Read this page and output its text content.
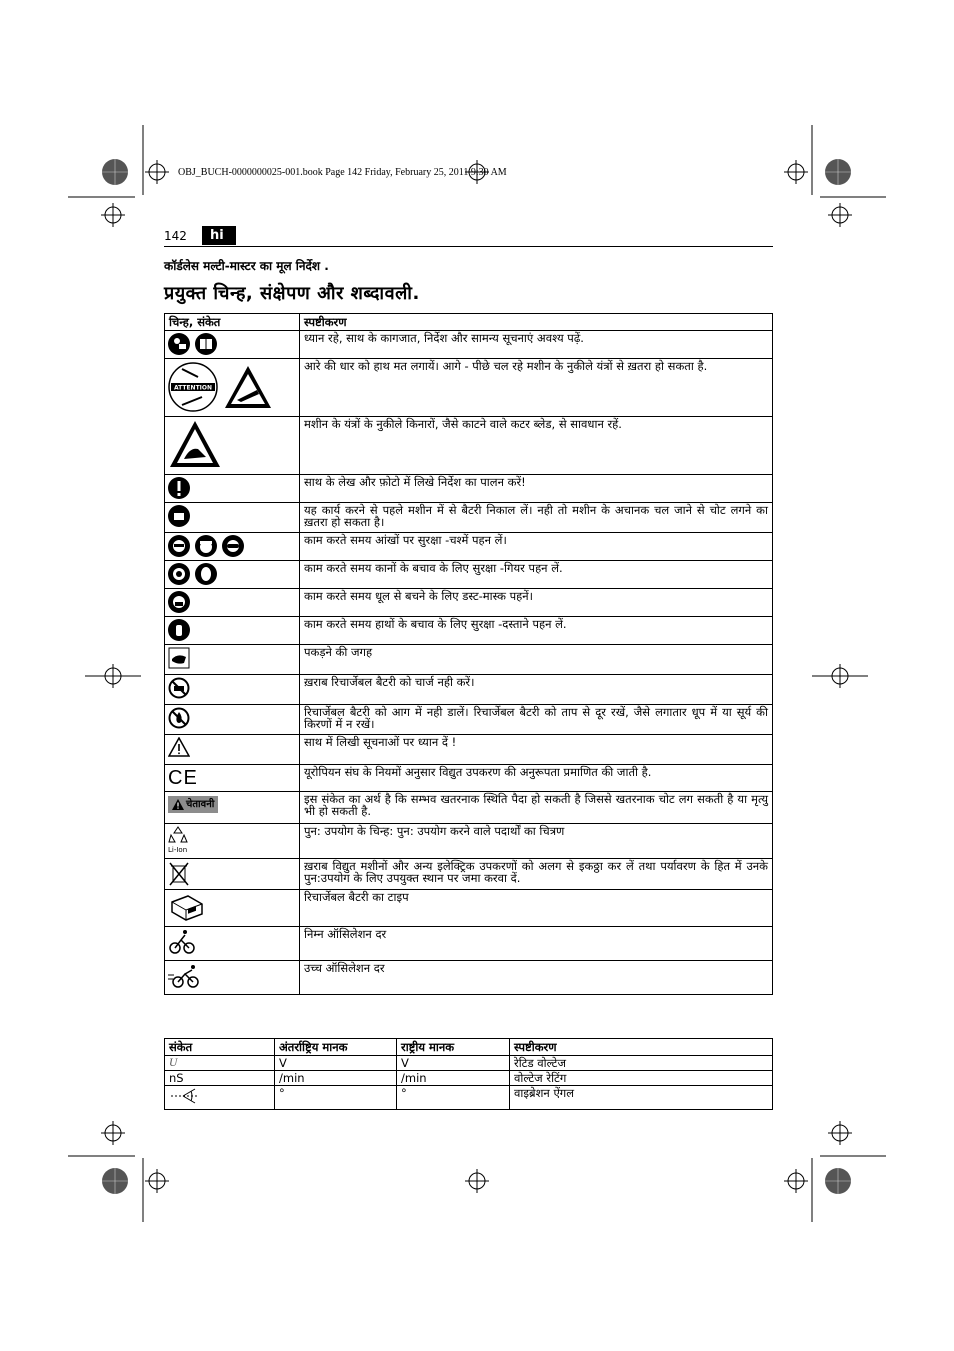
OBJ_BUCH-0000000025-001.book Page 142 Friday, February 25, 2011 9:30 AM
142	hi
कॉर्डलेस मल्टी-मास्टर का मूल निर्देश .
प्रयुक्त चिन्ह, संक्षेपण और शब्दावली.
चिन्ह, संकेत	स्पष्टीकरण

	ध्यान रहे, साथ के कागजात, निर्देश और सामन्य सूचनाएं अवश्य पढ़ें.

ATTENTION	आरे की धार को हाथ मत लगायें। आगे - पीछे चल रहे मशीन के नुकीले यंत्रों से ख़तरा हो सकता है.

	मशीन के यंत्रों के नुकीले किनारों, जैसे काटने वाले कटर ब्लेड, से सावधान रहें.

	साथ के लेख और फ़ोटो में लिखे निर्देश का पालन करें!

	यह कार्य करने से पहले मशीन में से बैटरी निकाल लें। नही तो मशीन के अचानक चल जाने से चोट लगने का ख़तरा हो सकता है।

	काम करते समय आंखों पर सुरक्षा -चश्में पहन लें।

	काम करते समय कानों के बचाव के लिए सुरक्षा -गियर पहन लें.

	काम करते समय धूल से बचने के लिए डस्ट-मास्क पहनें।

	काम करते समय हाथों के बचाव के लिए सुरक्षा -दस्ताने पहन लें.

	पकड़ने की जगह

	ख़राब रिचार्जेबल बैटरी को चार्ज नही करें।

	रिचार्जेबल बैटरी को आग में नही डालें। रिचार्जेबल बैटरी को ताप से दूर रखें, जैसे लगातार धूप में या सूर्य की किरणों में न रखें।

	साथ में लिखी सूचनाओं पर ध्यान दें !

CE	यूरोपियन संघ के नियमों अनुसार विद्युत उपकरण की अनुरूपता प्रमाणित की जाती है.

चेतावनी	इस संकेत का अर्थ है कि सम्भव खतरनाक स्थिति पैदा हो सकती है जिससे खतरनाक चोट लग सकती है या मृत्यु भी हो सकती है.

Li-Ion	पुन: उपयोग के चिन्ह: पुन: उपयोग करने वाले पदार्थों का चित्रण

	ख़राब विद्युत मशीनों और अन्य इलेक्ट्रिक उपकरणों को अलग से इकठ्ठा कर लें तथा पर्यावरण के हित में उनके पुन:उपयोग के लिए उपयुक्त स्थान पर जमा करवा दें.

	रिचार्जेबल बैटरी का टाइप

	निम्न ऑसिलेशन दर

	उच्च ऑसिलेशन दर
संकेत	अंतर्राष्ट्रिय मानक	राष्ट्रीय मानक	स्पष्टीकरण
U	V	V	रेटिड वोल्टेज
nS	/min	/min	वोल्टेज रेटिंग
	°	°	वाइब्रेशन ऐंगल
